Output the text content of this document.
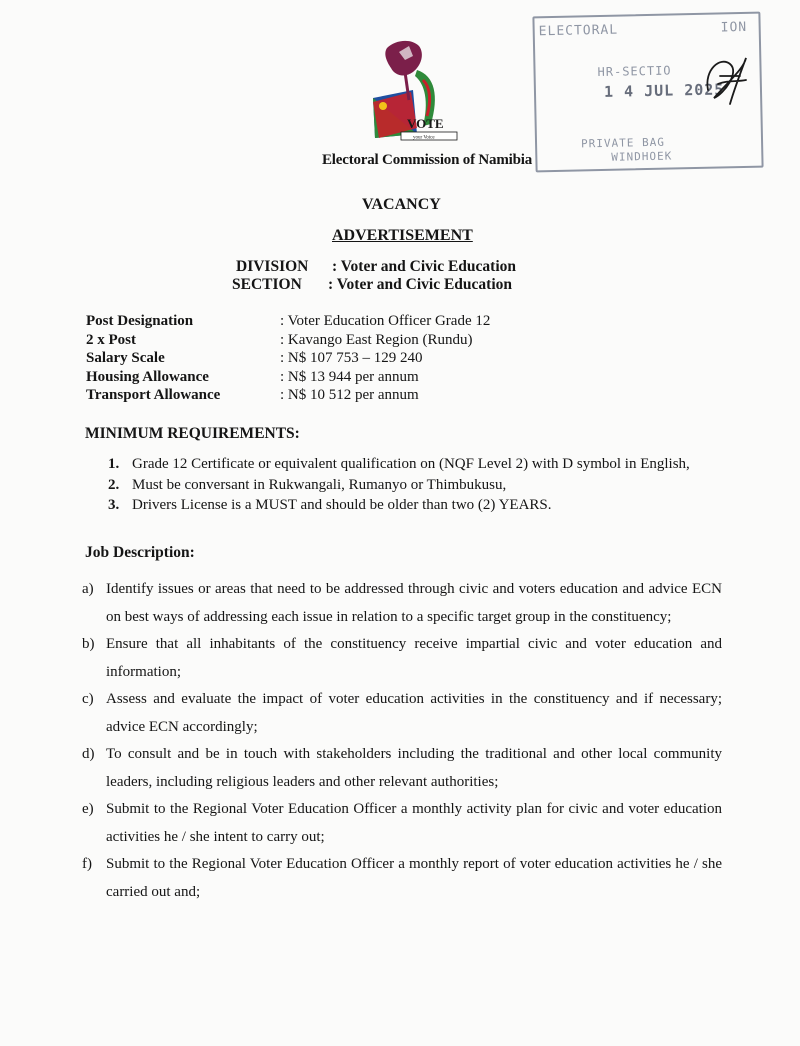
VOTE
your Voice
Electoral Commission of Namibia
ELECTORAL	ION
HR-SECTIO
1 4 JUL 2025
PRIVATE BAG
WINDHOEK
VACANCY
ADVERTISEMENT
DIVISION : Voter and Civic Education
SECTION : Voter and Civic Education
Post Designation	: Voter Education Officer Grade 12
2 x Post	: Kavango East Region (Rundu)
Salary Scale	: N$ 107 753 – 129 240
Housing Allowance	: N$ 13 944 per annum
Transport Allowance	: N$ 10 512 per annum
MINIMUM REQUIREMENTS:
1. Grade 12 Certificate or equivalent qualification on (NQF Level 2) with D symbol in English,
2. Must be conversant in Rukwangali, Rumanyo or Thimbukusu,
3. Drivers License is a MUST and should be older than two (2) YEARS.
Job Description:
a) Identify issues or areas that need to be addressed through civic and voters education and advice ECN on best ways of addressing each issue in relation to a specific target group in the constituency;
b) Ensure that all inhabitants of the constituency receive impartial civic and voter education and information;
c) Assess and evaluate the impact of voter education activities in the constituency and if necessary; advice ECN accordingly;
d) To consult and be in touch with stakeholders including the traditional and other local community leaders, including religious leaders and other relevant authorities;
e) Submit to the Regional Voter Education Officer a monthly activity plan for civic and voter education activities he / she intent to carry out;
f) Submit to the Regional Voter Education Officer a monthly report of voter education activities he / she carried out and;
